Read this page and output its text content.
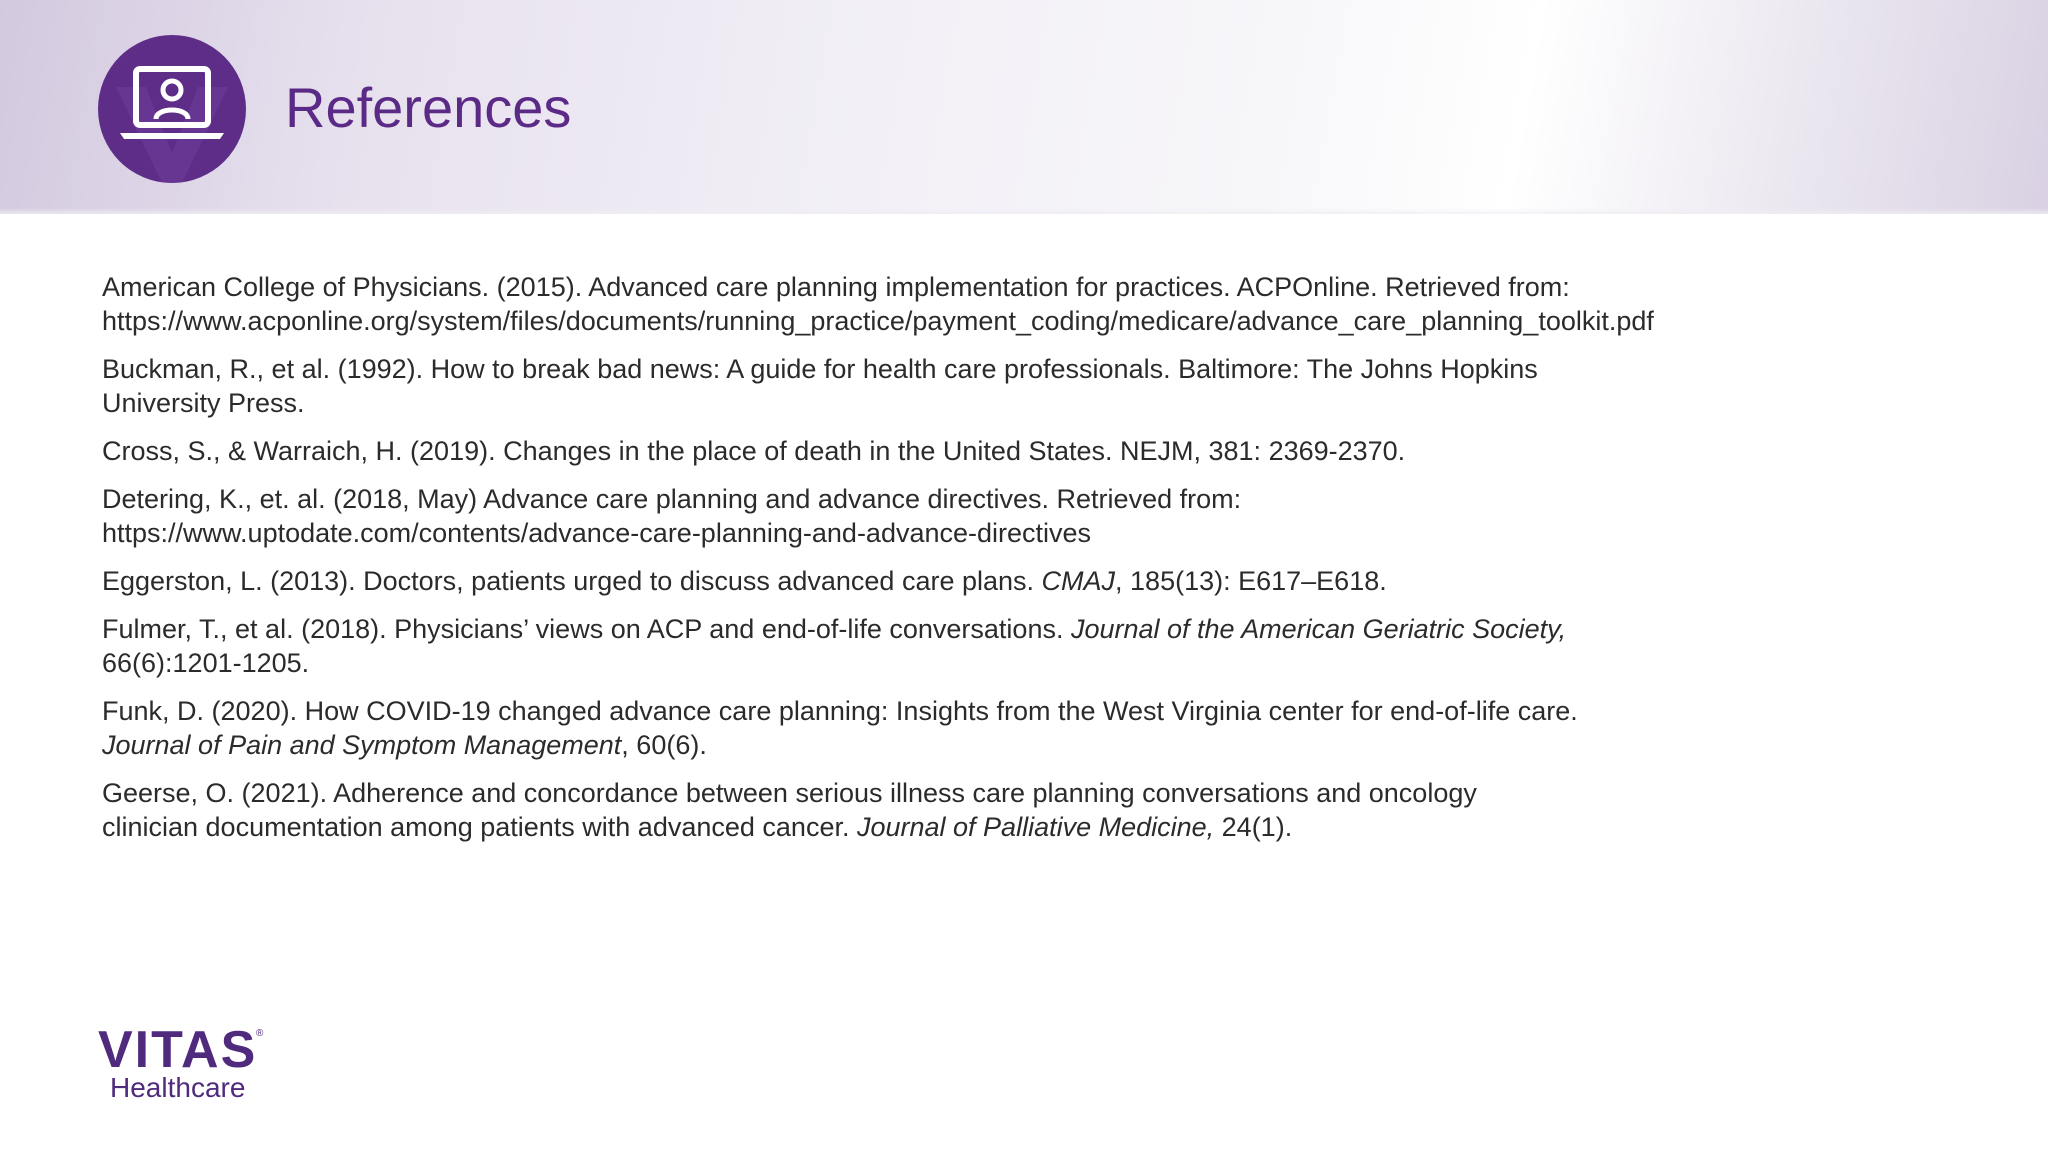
References
American College of Physicians. (2015). Advanced care planning implementation for practices. ACPOnline. Retrieved from:
https://www.acponline.org/system/files/documents/running_practice/payment_coding/medicare/advance_care_planning_toolkit.pdf
Buckman, R., et al. (1992). How to break bad news: A guide for health care professionals. Baltimore: The Johns Hopkins
University Press.
Cross, S., & Warraich, H. (2019). Changes in the place of death in the United States. NEJM, 381: 2369-2370.
Detering, K., et. al. (2018, May) Advance care planning and advance directives. Retrieved from:
https://www.uptodate.com/contents/advance-care-planning-and-advance-directives
Eggerston, L. (2013). Doctors, patients urged to discuss advanced care plans. CMAJ, 185(13): E617–E618.
Fulmer, T., et al. (2018). Physicians’ views on ACP and end-of-life conversations. Journal of the American Geriatric Society,
66(6):1201-1205.
Funk, D. (2020). How COVID-19 changed advance care planning: Insights from the West Virginia center for end-of-life care.
Journal of Pain and Symptom Management, 60(6).
Geerse, O. (2021). Adherence and concordance between serious illness care planning conversations and oncology
clinician documentation among patients with advanced cancer. Journal of Palliative Medicine, 24(1).
VITAS
®
Healthcare
